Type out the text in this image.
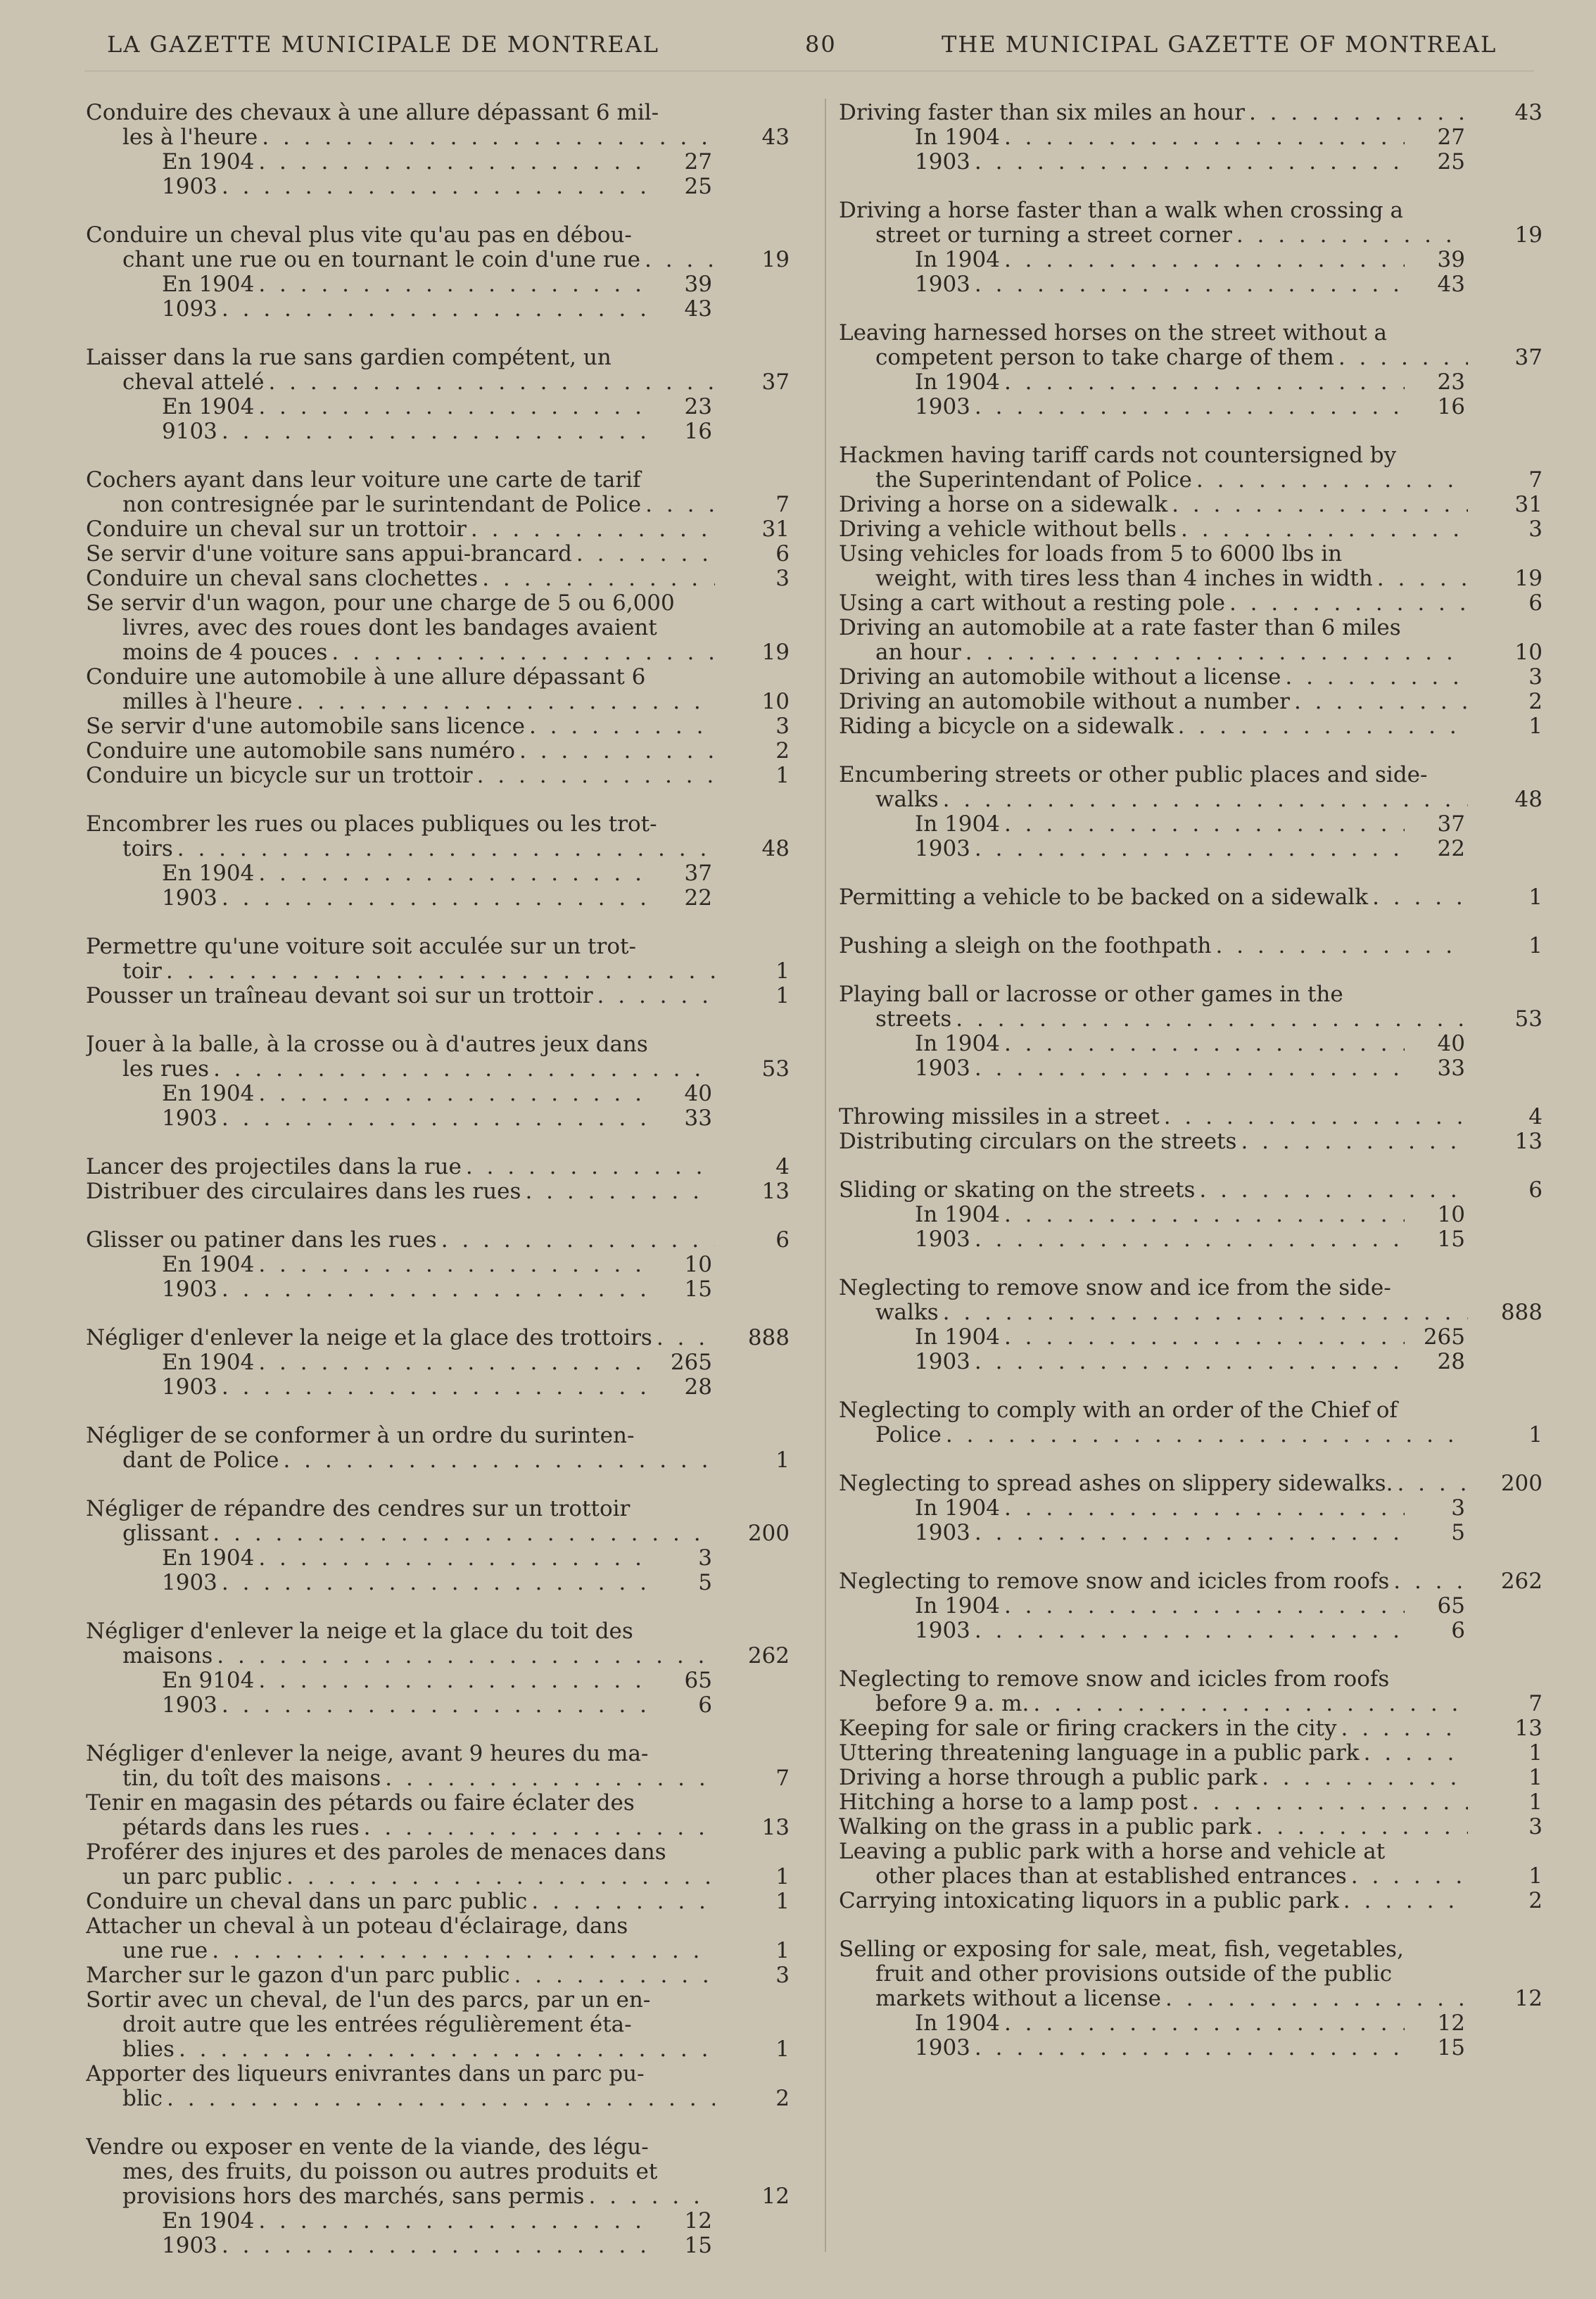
LA GAZETTE MUNICIPALE DE MONTREAL	80	THE MUNICIPAL GAZETTE OF MONTREAL
Conduire des chevaux à une allure dépassant 6 mil-
les à l'heure . . .	43
En 1904 . . .	27
1903 . . .	25
Conduire un cheval plus vite qu'au pas en débou-
chant une rue ou en tournant le coin d'une rue . . .	19
En 1904 . . .	39
1093 . . .	43
Laisser dans la rue sans gardien compétent, un
cheval attelé . . .	37
En 1904 . . .	23
9103 . . .	16
Cochers ayant dans leur voiture une carte de tarif
non contresignée par le surintendant de Police . . .	7
Conduire un cheval sur un trottoir . . .	31
Se servir d'une voiture sans appui-brancard . . .	6
Conduire un cheval sans clochettes . . .	3
Se servir d'un wagon, pour une charge de 5 ou 6,000
livres, avec des roues dont les bandages avaient
moins de 4 pouces . . .	19
Conduire une automobile à une allure dépassant 6
milles à l'heure . . .	10
Se servir d'une automobile sans licence . . .	3
Conduire une automobile sans numéro . . .	2
Conduire un bicycle sur un trottoir . . .	1
Encombrer les rues ou places publiques ou les trot-
toirs . . .	48
En 1904 . . .	37
1903 . . .	22
Permettre qu'une voiture soit acculée sur un trot-
toir . . .	1
Pousser un traîneau devant soi sur un trottoir . . .	1
Jouer à la balle, à la crosse ou à d'autres jeux dans
les rues . . .	53
En 1904 . . .	40
1903 . . .	33
Lancer des projectiles dans la rue . . .	4
Distribuer des circulaires dans les rues . . .	13
Glisser ou patiner dans les rues . . .	6
En 1904 . . .	10
1903 . . .	15
Négliger d'enlever la neige et la glace des trottoirs . . .	888
En 1904 . . .	265
1903 . . .	28
Négliger de se conformer à un ordre du surinten-
dant de Police . . .	1
Négliger de répandre des cendres sur un trottoir
glissant . . .	200
En 1904 . . .	3
1903 . . .	5
Négliger d'enlever la neige et la glace du toit des
maisons . . .	262
En 9104 . . .	65
1903 . . .	6
Négliger d'enlever la neige, avant 9 heures du ma-
tin, du toît des maisons . . .	7
Tenir en magasin des pétards ou faire éclater des
pétards dans les rues . . .	13
Proférer des injures et des paroles de menaces dans
un parc public . . .	1
Conduire un cheval dans un parc public . . .	1
Attacher un cheval à un poteau d'éclairage, dans
une rue . . .	1
Marcher sur le gazon d'un parc public . . .	3
Sortir avec un cheval, de l'un des parcs, par un en-
droit autre que les entrées régulièrement éta-
blies . . .	1
Apporter des liqueurs enivrantes dans un parc pu-
blic . . .	2
Vendre ou exposer en vente de la viande, des légu-
mes, des fruits, du poisson ou autres produits et
provisions hors des marchés, sans permis . . .	12
En 1904 . . .	12
1903 . . .	15
Driving faster than six miles an hour . . .	43
In 1904 . . .	27
1903 . . .	25
Driving a horse faster than a walk when crossing a
street or turning a street corner . . .	19
In 1904 . . .	39
1903 . . .	43
Leaving harnessed horses on the street without a
competent person to take charge of them . . .	37
In 1904 . . .	23
1903 . . .	16
Hackmen having tariff cards not countersigned by
the Superintendant of Police . . .	7
Driving a horse on a sidewalk . . .	31
Driving a vehicle without bells . . .	3
Using vehicles for loads from 5 to 6000 lbs in
weight, with tires less than 4 inches in width . . .	19
Using a cart without a resting pole . . .	6
Driving an automobile at a rate faster than 6 miles
an hour . . .	10
Driving an automobile without a license . . .	3
Driving an automobile without a number . . .	2
Riding a bicycle on a sidewalk . . .	1
Encumbering streets or other public places and side-
walks . . .	48
In 1904 . . .	37
1903 . . .	22
Permitting a vehicle to be backed on a sidewalk . . .	1
Pushing a sleigh on the foothpath . . .	1
Playing ball or lacrosse or other games in the
streets . . .	53
In 1904 . . .	40
1903 . . .	33
Throwing missiles in a street . . .	4
Distributing circulars on the streets . . .	13
Sliding or skating on the streets . . .	6
In 1904 . . .	10
1903 . . .	15
Neglecting to remove snow and ice from the side-
walks . . .	888
In 1904 . . .	265
1903 . . .	28
Neglecting to comply with an order of the Chief of
Police . . .	1
Neglecting to spread ashes on slippery sidewalks. . . .	200
In 1904 . . .	3
1903 . . .	5
Neglecting to remove snow and icicles from roofs . . .	262
In 1904 . . .	65
1903 . . .	6
Neglecting to remove snow and icicles from roofs
before 9 a. m. . . .	7
Keeping for sale or firing crackers in the city . . .	13
Uttering threatening language in a public park . . .	1
Driving a horse through a public park . . .	1
Hitching a horse to a lamp post . . .	1
Walking on the grass in a public park . . .	3
Leaving a public park with a horse and vehicle at
other places than at established entrances . . .	1
Carrying intoxicating liquors in a public park . . .	2
Selling or exposing for sale, meat, fish, vegetables,
fruit and other provisions outside of the public
markets without a license . . .	12
In 1904 . . .	12
1903 . . .	15
